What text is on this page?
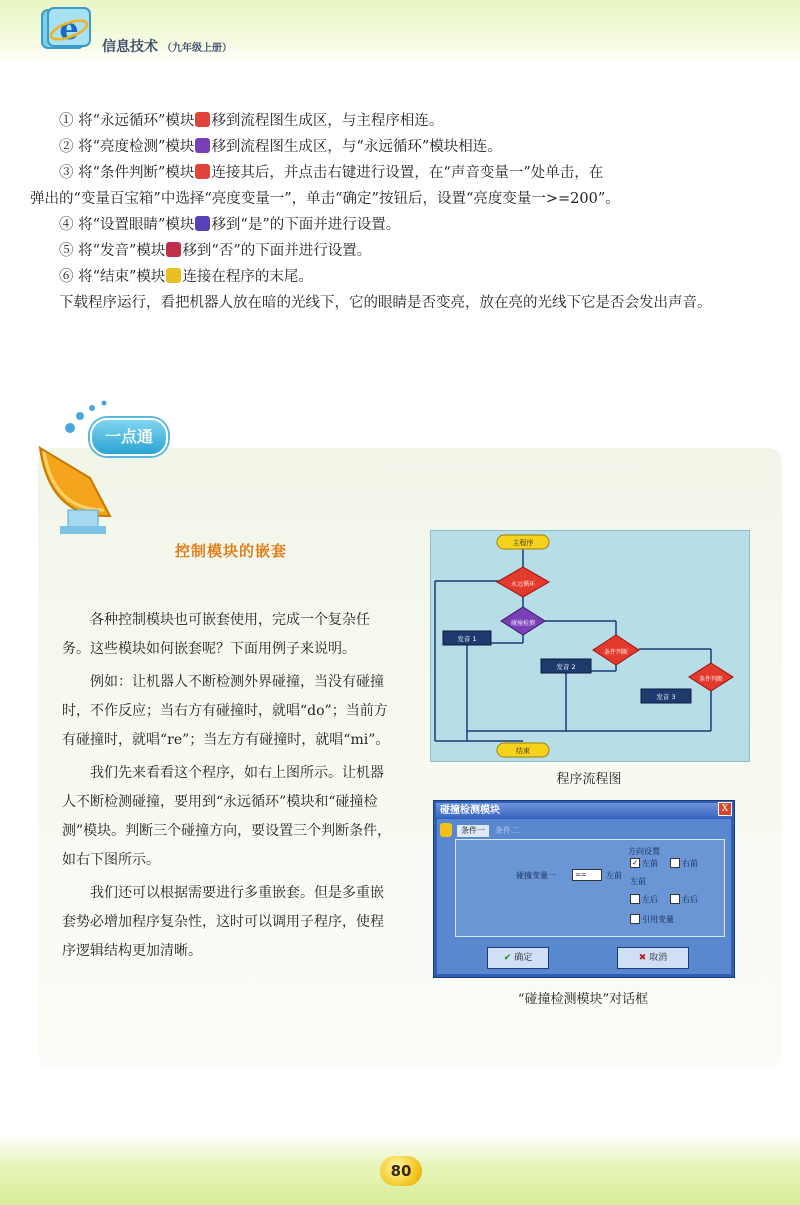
e 信息技术 （九年级上册）

① 将“永远循环”模块 移到流程图生成区，与主程序相连。

② 将“亮度检测”模块 移到流程图生成区，与“永远循环”模块相连。

③ 将“条件判断”模块 连接其后，并点击右键进行设置，在“声音变量一”处单击，在

弹出的“变量百宝箱”中选择“亮度变量一”，单击“确定”按钮后，设置“亮度变量一>=200”。

④ 将“设置眼睛”模块 移到“是”的下面并进行设置。

⑤ 将“发音”模块 移到“否”的下面并进行设置。

⑥ 将“结束”模块 连接在程序的末尾。

下载程序运行，看把机器人放在暗的光线下，它的眼睛是否变亮，放在亮的光线下它是否会发出声音。

一点通
控制模块的嵌套

各种控制模块也可嵌套使用，完成一个复杂任务。这些模块如何嵌套呢？下面用例子来说明。

例如：让机器人不断检测外界碰撞，当没有碰撞时，不作反应；当右方有碰撞时，就唱“do”；当前方有碰撞时，就唱“re”；当左方有碰撞时，就唱“mi”。

我们先来看看这个程序，如右上图所示。让机器人不断检测碰撞，要用到“永远循环”模块和“碰撞检测”模块。判断三个碰撞方向，要设置三个判断条件，如右下图所示。

我们还可以根据需要进行多重嵌套。但是多重嵌套势必增加程序复杂性，这时可以调用子程序，使程序逻辑结构更加清晰。

主程序
永远循环
碰撞检测
条件判断
条件判断
发音 1
发音 2
发音 3
结束
程序流程图
碰撞检测模块	X
条件一	条件二
碰撞变量一	==	左前
方向设置
✓ 左前	右前
左前
左后	右后
引用变量
✔ 确定	✖ 取消
“碰撞检测模块”对话框
80
